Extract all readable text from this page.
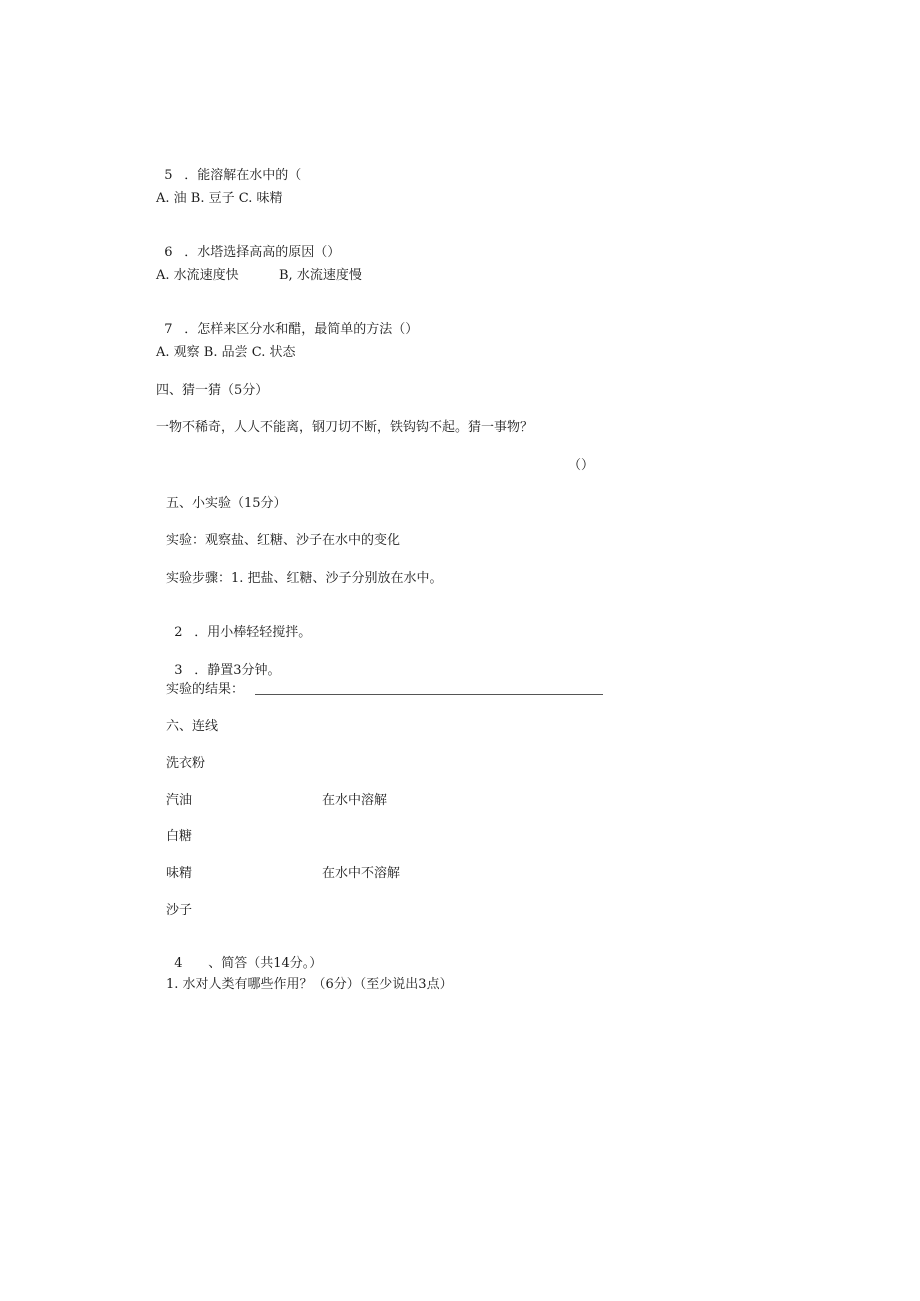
5 ．能溶解在水中的（

A. 油 B. 豆子 C. 味精

6 ．水塔选择高高的原因（）

A. 水流速度快	B, 水流速度慢

7 ．怎样来区分水和醋，最简单的方法（）

A. 观察 B. 品尝 C. 状态
四、猜一猜（5分）
一物不稀奇，人人不能离，钢刀切不断，铁钩钩不起。猜一事物？
（）
五、小实验（15分）
实验：观察盐、红糖、沙子在水中的变化
实验步骤：1. 把盐、红糖、沙子分别放在水中。

2 ．用小棒轻轻搅拌。

3 ．静置3分钟。

实验的结果：
六、连线
洗衣粉
汽油	在水中溶解
白糖
味精	在水中不溶解
沙子

4 、简答（共14分。）

1. 水对人类有哪些作用？（6分）（至少说出3点）
